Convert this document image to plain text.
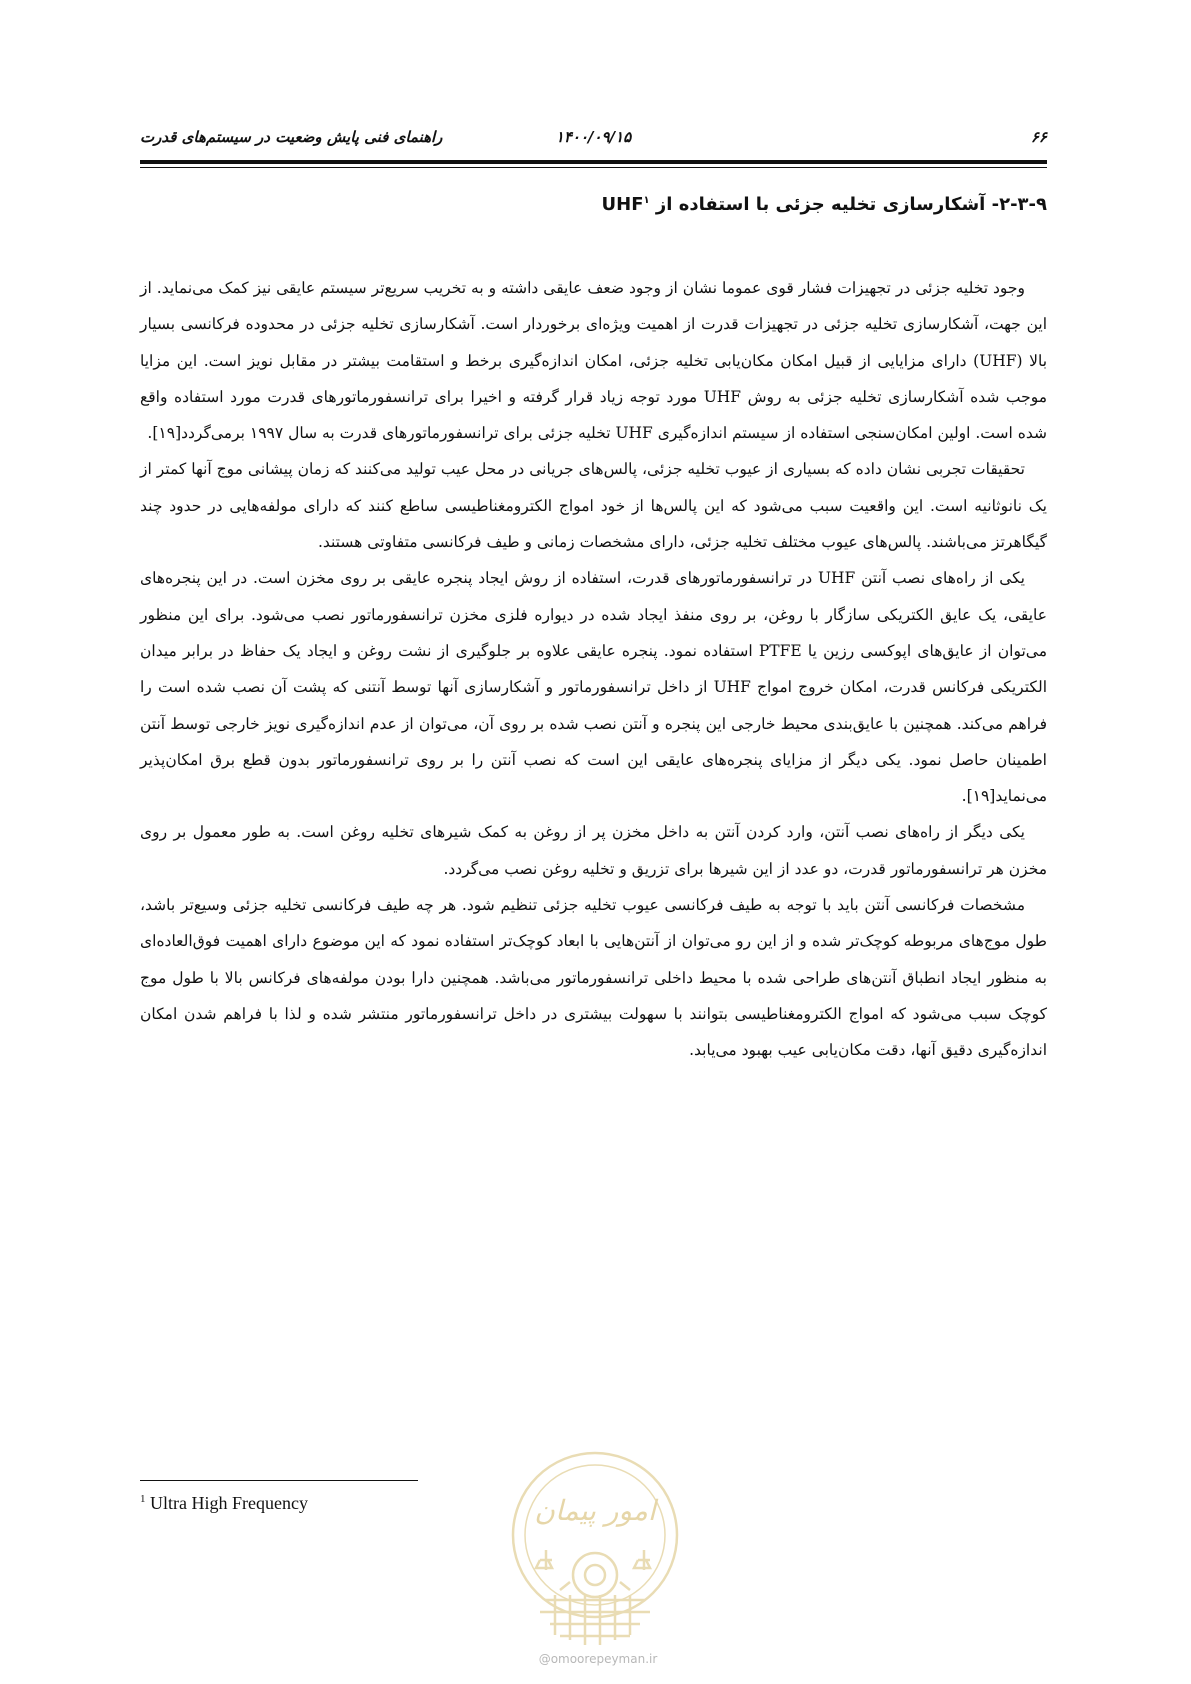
۶۶
۱۴۰۰/۰۹/۱۵
راهنمای فنی پایش وضعیت در سیستم‌های قدرت
۲-۳-۹- آشکارسازی تخلیه جزئی با استفاده از UHF$^۱$

وجود تخلیه جزئی در تجهیزات فشار قوی عموما نشان از وجود ضعف عایقی داشته و به تخریب سریع‌تر سیستم عایقی نیز کمک می‌نماید. از این جهت، آشکارسازی تخلیه جزئی در تجهیزات قدرت از اهمیت ویژه‌ای برخوردار است. آشکارسازی تخلیه جزئی در محدوده فرکانسی بسیار بالا (UHF) دارای مزایایی از قبیل امکان مکان‌یابی تخلیه جزئی، امکان اندازه‌گیری برخط و استقامت بیشتر در مقابل نویز است. این مزایا موجب شده آشکارسازی تخلیه جزئی به روش UHF مورد توجه زیاد قرار گرفته و اخیرا برای ترانسفورماتورهای قدرت مورد استفاده واقع شده است. اولین امکان‌سنجی استفاده از سیستم اندازه‌گیری UHF تخلیه جزئی برای ترانسفورماتورهای قدرت به سال ۱۹۹۷ برمی‌گردد[۱۹].

تحقیقات تجربی نشان داده که بسیاری از عیوب تخلیه جزئی، پالس‌های جریانی در محل عیب تولید می‌کنند که زمان پیشانی موج آنها کمتر از یک نانوثانیه است. این واقعیت سبب می‌شود که این پالس‌ها از خود امواج الکترومغناطیسی ساطع کنند که دارای مولفه‌هایی در حدود چند گیگاهرتز می‌باشند. پالس‌های عیوب مختلف تخلیه جزئی، دارای مشخصات زمانی و طیف فرکانسی متفاوتی هستند.

یکی از راه‌های نصب آنتن UHF در ترانسفورماتورهای قدرت، استفاده از روش ایجاد پنجره عایقی بر روی مخزن است. در این پنجره‌های عایقی، یک عایق الکتریکی سازگار با روغن، بر روی منفذ ایجاد شده در دیواره فلزی مخزن ترانسفورماتور نصب می‌شود. برای این منظور می‌توان از عایق‌های اپوکسی رزین یا PTFE استفاده نمود. پنجره عایقی علاوه بر جلوگیری از نشت روغن و ایجاد یک حفاظ در برابر میدان الکتریکی فرکانس قدرت، امکان خروج امواج UHF از داخل ترانسفورماتور و آشکارسازی آنها توسط آنتنی که پشت آن نصب شده است را فراهم می‌کند. همچنین با عایق‌بندی محیط خارجی این پنجره و آنتن نصب شده بر روی آن، می‌توان از عدم اندازه‌گیری نویز خارجی توسط آنتن اطمینان حاصل نمود. یکی دیگر از مزایای پنجره‌های عایقی این است که نصب آنتن را بر روی ترانسفورماتور بدون قطع برق امکان‌پذیر می‌نماید[۱۹].

یکی دیگر از راه‌های نصب آنتن، وارد کردن آنتن به داخل مخزن پر از روغن به کمک شیرهای تخلیه روغن است. به طور معمول بر روی مخزن هر ترانسفورماتور قدرت، دو عدد از این شیرها برای تزریق و تخلیه روغن نصب می‌گردد.

مشخصات فرکانسی آنتن باید با توجه به طیف فرکانسی عیوب تخلیه جزئی تنظیم شود. هر چه طیف فرکانسی تخلیه جزئی وسیع‌تر باشد، طول موج‌های مربوطه کوچک‌تر شده و از این رو می‌توان از آنتن‌هایی با ابعاد کوچک‌تر استفاده نمود که این موضوع دارای اهمیت فوق‌العاده‌ای به منظور ایجاد انطباق آنتن‌های طراحی شده با محیط داخلی ترانسفورماتور می‌باشد. همچنین دارا بودن مولفه‌های فرکانس بالا با طول موج کوچک سبب می‌شود که امواج الکترومغناطیسی بتوانند با سهولت بیشتری در داخل ترانسفورماتور منتشر شده و لذا با فراهم شدن امکان اندازه‌گیری دقیق آنها، دقت مکان‌یابی عیب بهبود می‌یابد.

$^1$ Ultra High Frequency	امور پیمان
@omoorepeyman.ir
